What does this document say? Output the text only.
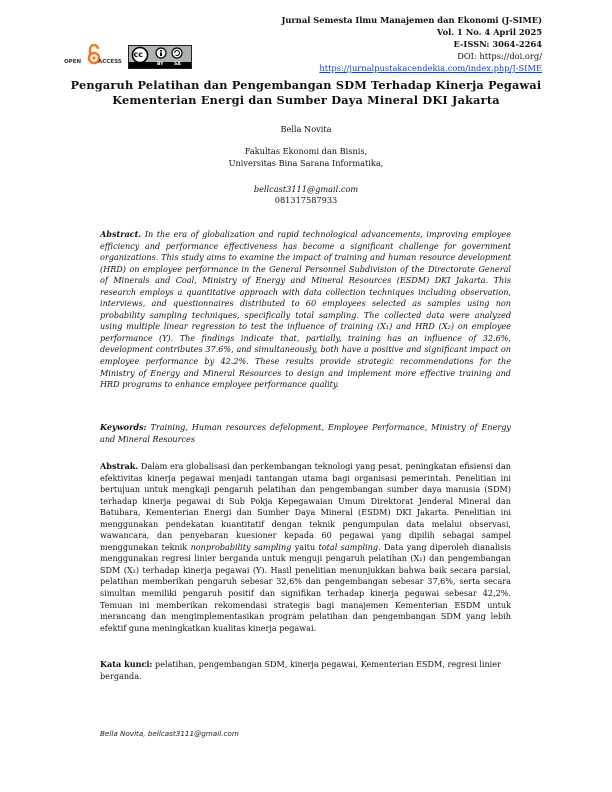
Jurnal Semesta Ilmu Manajemen dan Ekonomi (J-SIME)
Vol. 1 No. 4 April 2025
E-ISSN: 3064-2264
DOI: https://doi.org/
https://jurnalpustakacendekia.com/index.php/J-SIME
OPEN	ACCESS
cc
BY SA
Pengaruh Pelatihan dan Pengembangan SDM Terhadap Kinerja Pegawai
Kementerian Energi dan Sumber Daya Mineral DKI Jakarta
Bella Novita
Fakultas Ekonomi dan Bisnis,
Universitas Bina Sarana Informatika,
bellcast3111@gmail.com
081317587933
Abstract. In the era of globalization and rapid technological advancements, improving employee efficiency and performance effectiveness has become a significant challenge for government organizations. This study aims to examine the impact of training and human resource development (HRD) on employee performance in the General Personnel Subdivision of the Directorate General of Minerals and Coal, Ministry of Energy and Mineral Resources (ESDM) DKI Jakarta. This research employs a quantitative approach with data collection techniques including observation, interviews, and questionnaires distributed to 60 employees selected as samples using non probability sampling techniques, specifically total sampling. The collected data were analyzed using multiple linear regression to test the influence of training (X₁) and HRD (X₂) on employee performance (Y). The findings indicate that, partially, training has an influence of 32.6%, development contributes 37.6%, and simultaneously, both have a positive and significant impact on employee performance by 42.2%. These results provide strategic recommendations for the Ministry of Energy and Mineral Resources to design and implement more effective training and HRD programs to enhance employee performance quality.
Keywords: Training, Human resources defelopment, Employee Performance, Ministry of Energy and Mineral Resources
Abstrak. Dalam era globalisasi dan perkembangan teknologi yang pesat, peningkatan efisiensi dan efektivitas kinerja pegawai menjadi tantangan utama bagi organisasi pemerintah. Penelitian ini bertujuan untuk mengkaji pengaruh pelatihan dan pengembangan sumber daya manusia (SDM) terhadap kinerja pegawai di Sub Pokja Kepegawaian Umum Direktorat Jenderal Mineral dan Batubara, Kementerian Energi dan Sumber Daya Mineral (ESDM) DKI Jakarta. Penelitian ini menggunakan pendekatan kuantitatif dengan teknik pengumpulan data melalui observasi, wawancara, dan penyebaran kuesioner kepada 60 pegawai yang dipilih sebagai sampel menggunakan teknik nonprobability sampling yaitu total sampling. Data yang diperoleh dianalisis menggunakan regresi linier berganda untuk menguji pengaruh pelatihan (X₁) dan pengembangan SDM (X₂) terhadap kinerja pegawai (Y). Hasil penelitian menunjukkan bahwa baik secara parsial, pelatihan memberikan pengaruh sebesar 32,6% dan pengembangan sebesar 37,6%, serta secara simultan memiliki pengaruh positif dan signifikan terhadap kinerja pegawai sebesar 42,2%. Temuan ini memberikan rekomendasi strategis bagi manajemen Kementerian ESDM untuk merancang dan mengimplementasikan program pelatihan dan pengembangan SDM yang lebih efektif guna meningkatkan kualitas kinerja pegawai.
Kata kunci: pelatihan, pengembangan SDM, kinerja pegawai, Kementerian ESDM, regresi linier berganda.
Bella Novita, bellcast3111@gmail.com
